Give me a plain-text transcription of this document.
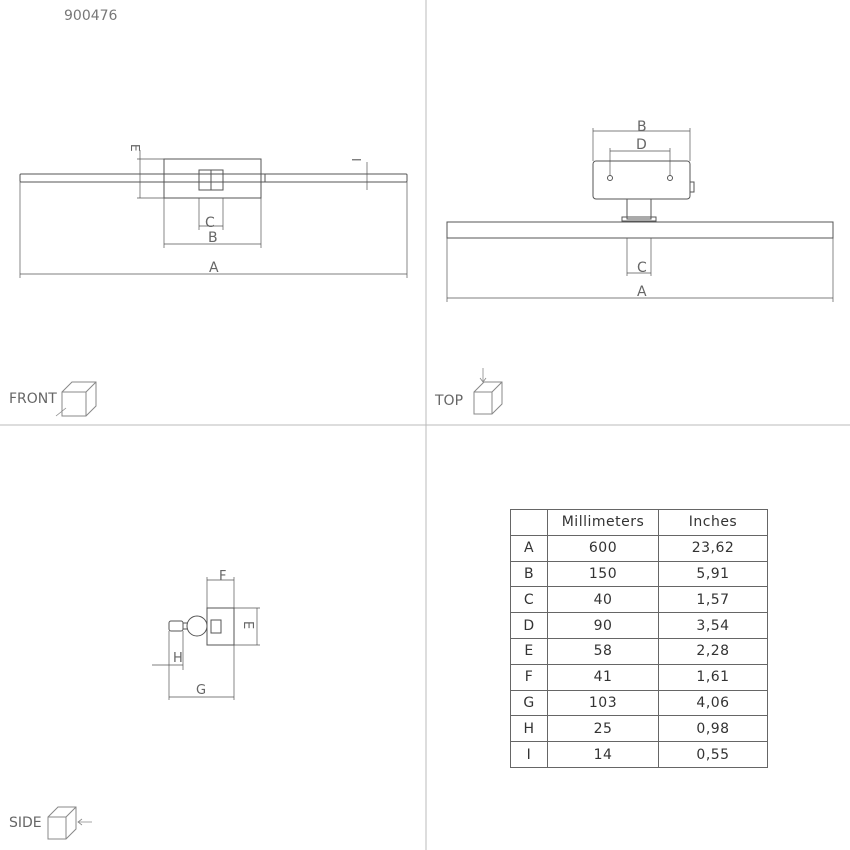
900476
E
I
C
B
A
FRONT
B
D
C
A
TOP
F
E
H
G
SIDE
	Millimeters	Inches
A	600	23,62
B	150	5,91
C	40	1,57
D	90	3,54
E	58	2,28
F	41	1,61
G	103	4,06
H	25	0,98
I	14	0,55
